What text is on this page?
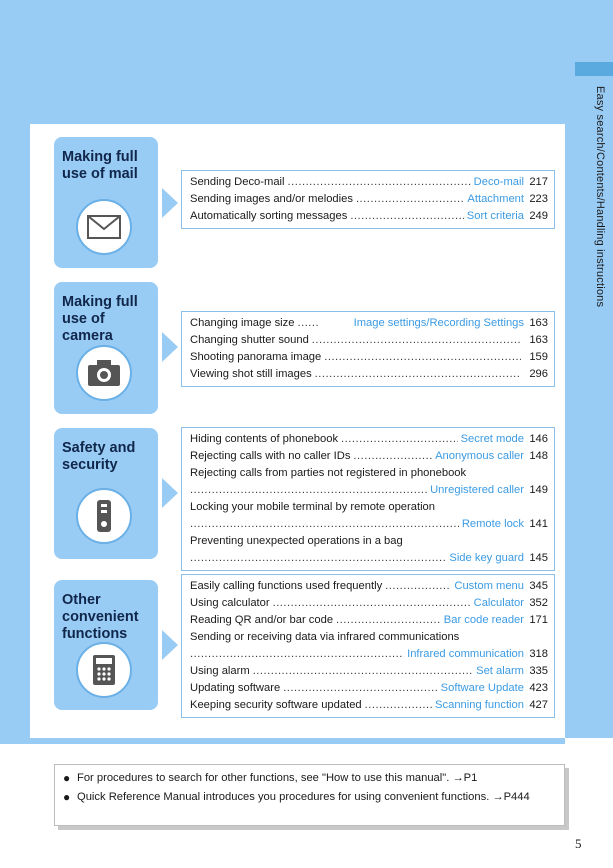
Easy search/Contents/Handling instructions
Making full
use of mail	Sending Deco-mail .....	Deco-mail 217
Sending images and/or melodies .....	Attachment 223
Automatically sorting messages .....	Sort criteria 249
Making full
use of
camera
Changing image size .....	Image settings/Recording Settings 163
Changing shutter sound .....	163
Shooting panorama image .....	159
Viewing shot still images .....	296
Safety and
security
Hiding contents of phonebook .....	Secret mode 146
Rejecting calls with no caller IDs .....	Anonymous caller 148
Rejecting calls from parties not registered in phonebook
.....
Unregistered caller 149
Locking your mobile terminal by remote operation
.....
Remote lock 141
Preventing unexpected operations in a bag
.....
Side key guard 145
Other
convenient
functions
Easily calling functions used frequently .....	Custom menu 345
Using calculator .....	Calculator 352
Reading QR and/or bar code .....	Bar code reader 171
Sending or receiving data via infrared communications
.....
Infrared communication 318
Using alarm .....	Set alarm 335
Updating software .....	Software Update 423
Keeping security software updated .....	Scanning function 427
● For procedures to search for other functions, see "How to use this manual". →P1
● Quick Reference Manual introduces you procedures for using convenient functions. →P444
5
